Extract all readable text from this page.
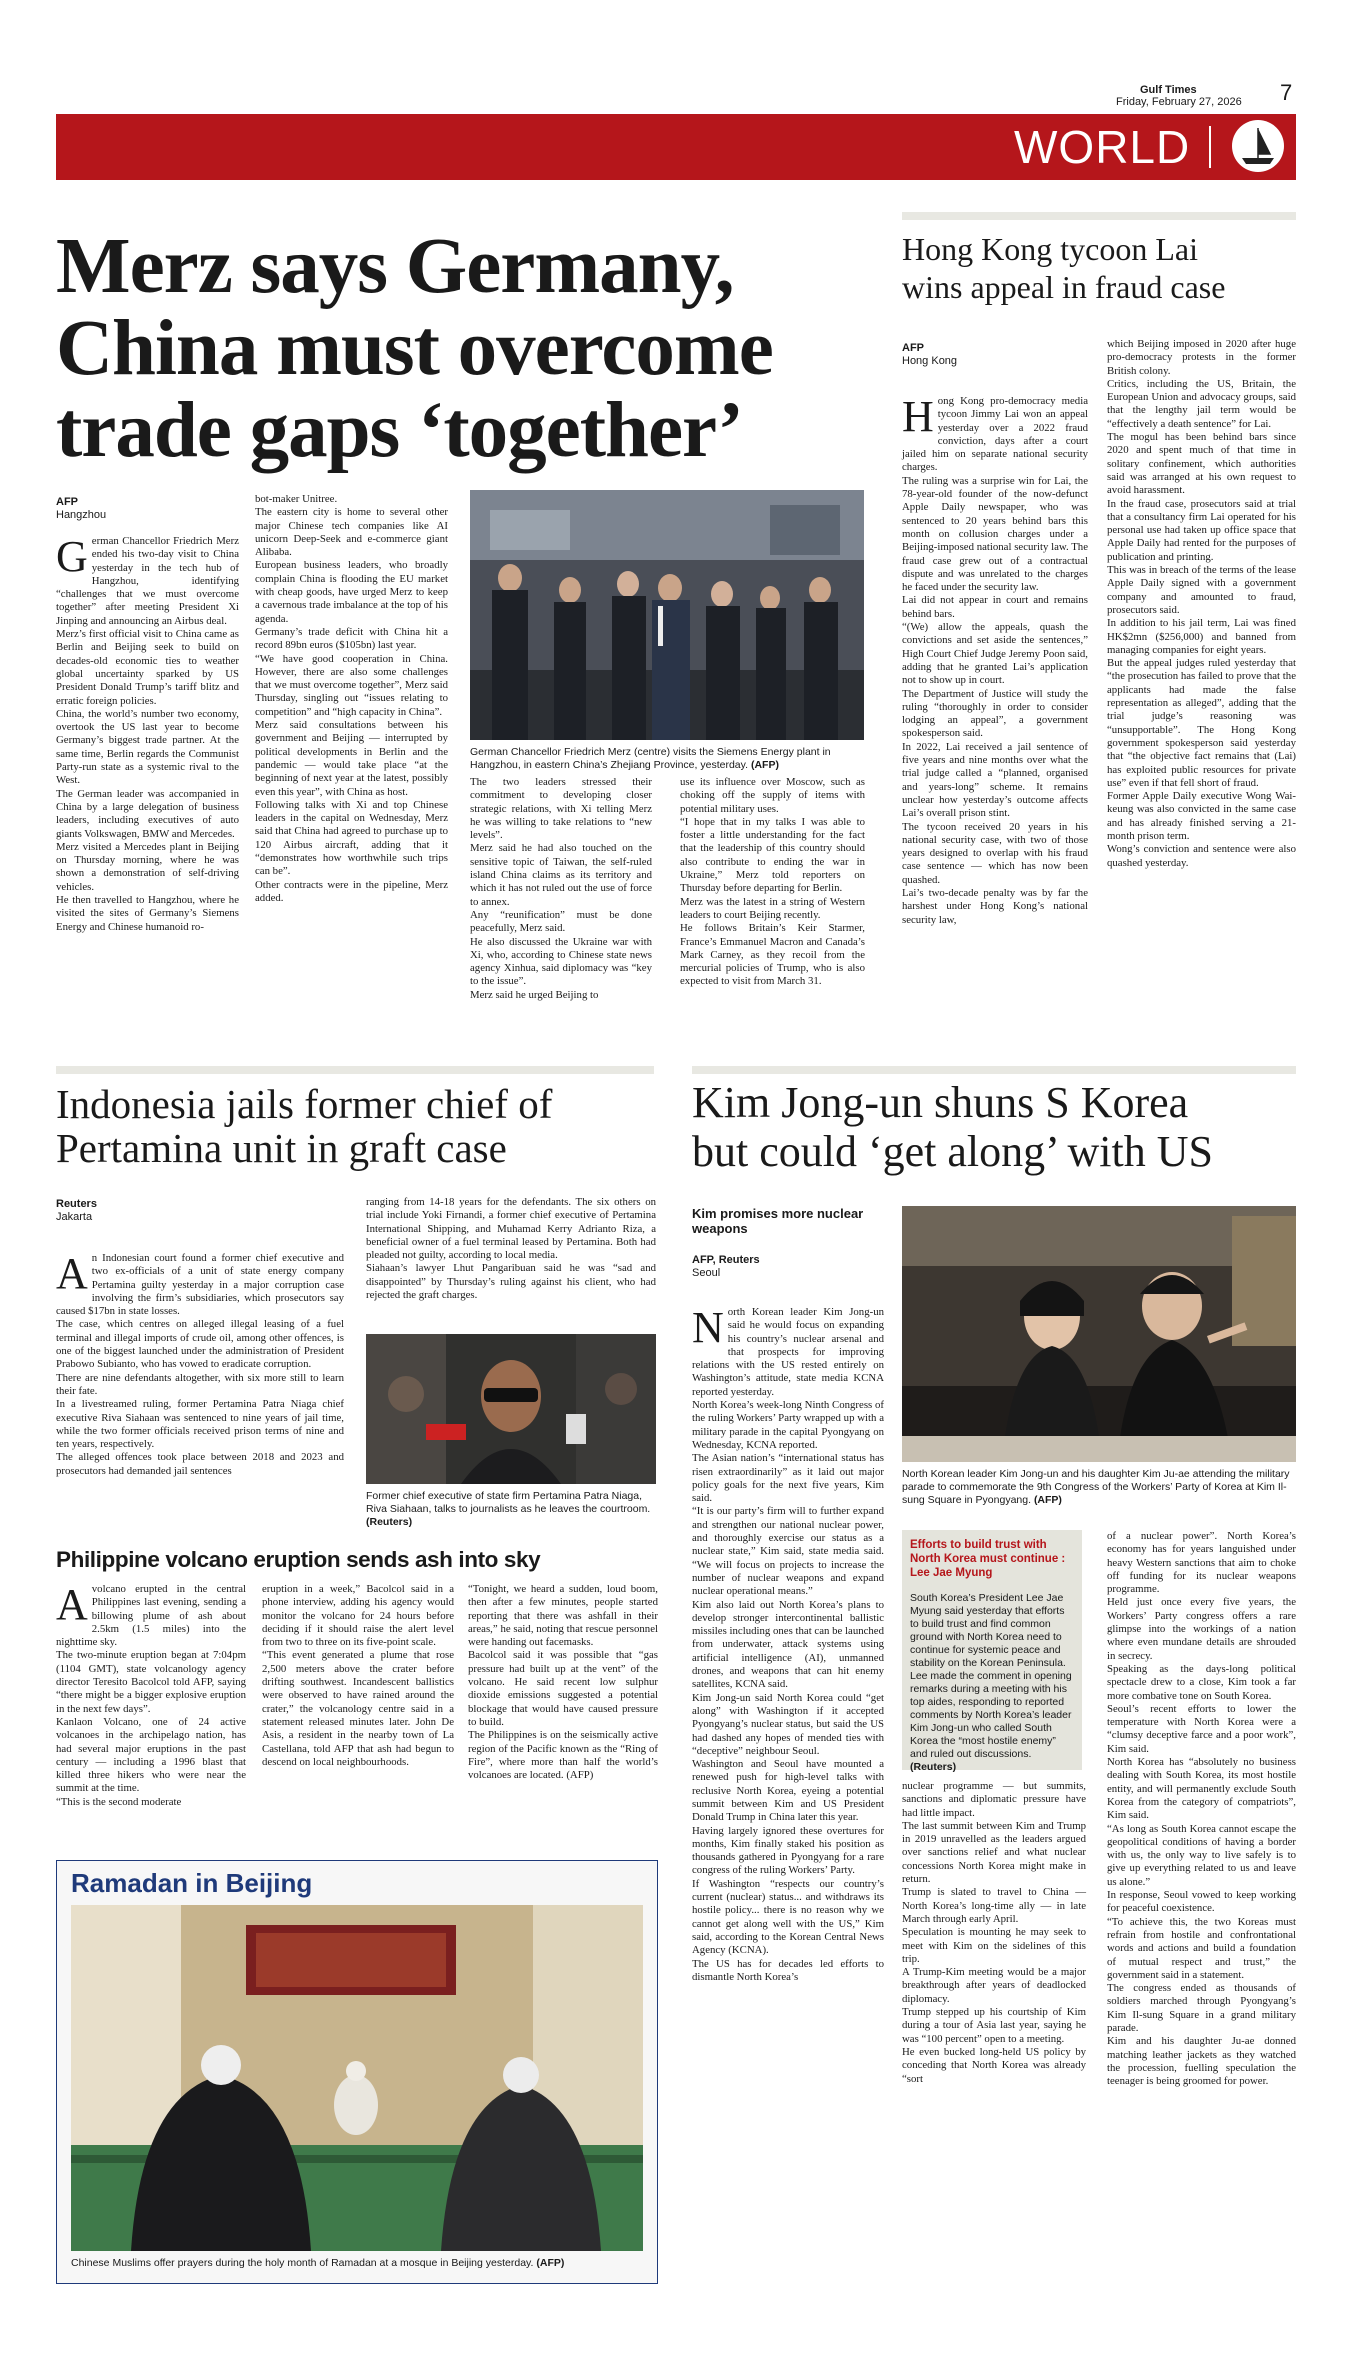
Gulf Times
Friday, February 27, 2026 7
WORLD
Merz says Germany,
China must overcome
trade gaps ‘together’
AFP
Hangzhou
G erman Chancellor Friedrich Merz ended his two-day visit to China yesterday in the tech hub of Hangzhou, identifying “challenges that we must overcome together” after meeting President Xi Jinping and announcing an Airbus deal.

Merz’s first official visit to China came as Berlin and Beijing seek to build on decades-old economic ties to weather global uncertainty sparked by US President Donald Trump’s tariff blitz and erratic foreign policies.

China, the world’s number two economy, overtook the US last year to become Germany’s biggest trade partner. At the same time, Berlin regards the Communist Party-run state as a systemic rival to the West.

The German leader was accompanied in China by a large delegation of business leaders, including executives of auto giants Volkswagen, BMW and Mercedes.

Merz visited a Mercedes plant in Beijing on Thursday morning, where he was shown a demonstration of self-driving vehicles.

He then travelled to Hangzhou, where he visited the sites of Germany’s Siemens Energy and Chinese humanoid ro-

bot-maker Unitree.

The eastern city is home to several other major Chinese tech companies like AI unicorn Deep-Seek and e-commerce giant Alibaba.

European business leaders, who broadly complain China is flooding the EU market with cheap goods, have urged Merz to keep a cavernous trade imbalance at the top of his agenda.

Germany’s trade deficit with China hit a record 89bn euros ($105bn) last year.

“We have good cooperation in China. However, there are also some challenges that we must overcome together”, Merz said Thursday, singling out “issues relating to competition” and “high capacity in China”.

Merz said consultations between his government and Beijing — interrupted by political developments in Berlin and the pandemic — would take place “at the beginning of next year at the latest, possibly even this year”, with China as host.

Following talks with Xi and top Chinese leaders in the capital on Wednesday, Merz said that China had agreed to purchase up to 120 Airbus aircraft, adding that it “demonstrates how worthwhile such trips can be”.

Other contracts were in the pipeline, Merz added.

German Chancellor Friedrich Merz (centre) visits the Siemens Energy plant in Hangzhou, in eastern China’s Zhejiang Province, yesterday. (AFP)

The two leaders stressed their commitment to developing closer strategic relations, with Xi telling Merz he was willing to take relations to “new levels”.

Merz said he had also touched on the sensitive topic of Taiwan, the self-ruled island China claims as its territory and which it has not ruled out the use of force to annex.

Any “reunification” must be done peacefully, Merz said.

He also discussed the Ukraine war with Xi, who, according to Chinese state news agency Xinhua, said diplomacy was “key to the issue”.

Merz said he urged Beijing to

use its influence over Moscow, such as choking off the supply of items with potential military uses.

“I hope that in my talks I was able to foster a little understanding for the fact that the leadership of this country should also contribute to ending the war in Ukraine,” Merz told reporters on Thursday before departing for Berlin.

Merz was the latest in a string of Western leaders to court Beijing recently.

He follows Britain’s Keir Starmer, France’s Emmanuel Macron and Canada’s Mark Carney, as they recoil from the mercurial policies of Trump, who is also expected to visit from March 31.

Hong Kong tycoon Lai
wins appeal in fraud case
AFP
Hong Kong
H ong Kong pro-democracy media tycoon Jimmy Lai won an appeal yesterday over a 2022 fraud conviction, days after a court jailed him on separate national security charges.

The ruling was a surprise win for Lai, the 78-year-old founder of the now-defunct Apple Daily newspaper, who was sentenced to 20 years behind bars this month on collusion charges under a Beijing-imposed national security law. The fraud case grew out of a contractual dispute and was unrelated to the charges he faced under the security law.

Lai did not appear in court and remains behind bars.

“(We) allow the appeals, quash the convictions and set aside the sentences,” High Court Chief Judge Jeremy Poon said, adding that he granted Lai’s application not to show up in court.

The Department of Justice will study the ruling “thoroughly in order to consider lodging an appeal”, a government spokesperson said.

In 2022, Lai received a jail sentence of five years and nine months over what the trial judge called a “planned, organised and years-long” scheme. It remains unclear how yesterday’s outcome affects Lai’s overall prison stint.

The tycoon received 20 years in his national security case, with two of those years designed to overlap with his fraud case sentence — which has now been quashed.

Lai’s two-decade penalty was by far the harshest under Hong Kong’s national security law,

which Beijing imposed in 2020 after huge pro-democracy protests in the former British colony.

Critics, including the US, Britain, the European Union and advocacy groups, said that the lengthy jail term would be “effectively a death sentence” for Lai.

The mogul has been behind bars since 2020 and spent much of that time in solitary confinement, which authorities said was arranged at his own request to avoid harassment.

In the fraud case, prosecutors said at trial that a consultancy firm Lai operated for his personal use had taken up office space that Apple Daily had rented for the purposes of publication and printing.

This was in breach of the terms of the lease Apple Daily signed with a government company and amounted to fraud, prosecutors said.

In addition to his jail term, Lai was fined HK$2mn ($256,000) and banned from managing companies for eight years.

But the appeal judges ruled yesterday that “the prosecution has failed to prove that the applicants had made the false representation as alleged”, adding that the trial judge’s reasoning was “unsupportable”. The Hong Kong government spokesperson said yesterday that “the objective fact remains that (Lai) has exploited public resources for private use” even if that fell short of fraud.

Former Apple Daily executive Wong Wai-keung was also convicted in the same case and has already finished serving a 21-month prison term.

Wong’s conviction and sentence were also quashed yesterday.

Indonesia jails former chief of
Pertamina unit in graft case
Reuters
Jakarta
A n Indonesian court found a former chief executive and two ex-officials of a unit of state energy company Pertamina guilty yesterday in a major corruption case involving the firm’s subsidiaries, which prosecutors say caused $17bn in state losses.

The case, which centres on alleged illegal leasing of a fuel terminal and illegal imports of crude oil, among other offences, is one of the biggest launched under the administration of President Prabowo Subianto, who has vowed to eradicate corruption.

There are nine defendants altogether, with six more still to learn their fate.

In a livestreamed ruling, former Pertamina Patra Niaga chief executive Riva Siahaan was sentenced to nine years of jail time, while the two former officials received prison terms of nine and ten years, respectively.

The alleged offences took place between 2018 and 2023 and prosecutors had demanded jail sentences

ranging from 14-18 years for the defendants. The six others on trial include Yoki Firnandi, a former chief executive of Pertamina International Shipping, and Muhamad Kerry Adrianto Riza, a beneficial owner of a fuel terminal leased by Pertamina. Both had pleaded not guilty, according to local media.

Siahaan’s lawyer Lhut Pangaribuan said he was “sad and disappointed” by Thursday’s ruling against his client, who had rejected the graft charges.

Former chief executive of state firm Pertamina Patra Niaga, Riva Siahaan, talks to journalists as he leaves the courtroom. (Reuters)
Philippine volcano eruption sends ash into sky
A volcano erupted in the central Philippines last evening, sending a billowing plume of ash about 2.5km (1.5 miles) into the nighttime sky.

The two-minute eruption began at 7:04pm (1104 GMT), state volcanology agency director Teresito Bacolcol told AFP, saying “there might be a bigger explosive eruption in the next few days”.

Kanlaon Volcano, one of 24 active volcanoes in the archipelago nation, has had several major eruptions in the past century — including a 1996 blast that killed three hikers who were near the summit at the time.

“This is the second moderate

eruption in a week,” Bacolcol said in a phone interview, adding his agency would monitor the volcano for 24 hours before deciding if it should raise the alert level from two to three on its five-point scale.

“This event generated a plume that rose 2,500 meters above the crater before drifting southwest. Incandescent ballistics were observed to have rained around the crater,” the volcanology centre said in a statement released minutes later. John De Asis, a resident in the nearby town of La Castellana, told AFP that ash had begun to descend on local neighbourhoods.

“Tonight, we heard a sudden, loud boom, then after a few minutes, people started reporting that there was ashfall in their areas,” he said, noting that rescue personnel were handing out facemasks.

Bacolcol said it was possible that “gas pressure had built up at the vent” of the volcano. He said recent low sulphur dioxide emissions suggested a potential blockage that would have caused pressure to build.

The Philippines is on the seismically active region of the Pacific known as the “Ring of Fire”, where more than half the world’s volcanoes are located. (AFP)

Ramadan in Beijing
Chinese Muslims offer prayers during the holy month of Ramadan at a mosque in Beijing yesterday. (AFP)
Kim Jong-un shuns S Korea
but could ‘get along’ with US
Kim promises more nuclear weapons
AFP, Reuters
Seoul
N orth Korean leader Kim Jong-un said he would focus on expanding his country’s nuclear arsenal and that prospects for improving relations with the US rested entirely on Washington’s attitude, state media KCNA reported yesterday.

North Korea’s week-long Ninth Congress of the ruling Workers’ Party wrapped up with a military parade in the capital Pyongyang on Wednesday, KCNA reported.

The Asian nation’s “international status has risen extraordinarily” as it laid out major policy goals for the next five years, Kim said.

“It is our party’s firm will to further expand and strengthen our national nuclear power, and thoroughly exercise our status as a nuclear state,” Kim said, state media said. “We will focus on projects to increase the number of nuclear weapons and expand nuclear operational means.”

Kim also laid out North Korea’s plans to develop stronger intercontinental ballistic missiles including ones that can be launched from underwater, attack systems using artificial intelligence (AI), unmanned drones, and weapons that can hit enemy satellites, KCNA said.

Kim Jong-un said North Korea could “get along” with Washington if it accepted Pyongyang’s nuclear status, but said the US had dashed any hopes of mended ties with “deceptive” neighbour Seoul.

Washington and Seoul have mounted a renewed push for high-level talks with reclusive North Korea, eyeing a potential summit between Kim and US President Donald Trump in China later this year.

Having largely ignored these overtures for months, Kim finally staked his position as thousands gathered in Pyongyang for a rare congress of the ruling Workers’ Party.

If Washington “respects our country’s current (nuclear) status... and withdraws its hostile policy... there is no reason why we cannot get along well with the US,” Kim said, according to the Korean Central News Agency (KCNA).

The US has for decades led efforts to dismantle North Korea’s

North Korean leader Kim Jong-un and his daughter Kim Ju-ae attending the military parade to commemorate the 9th Congress of the Workers’ Party of Korea at Kim Il-sung Square in Pyongyang. (AFP)
Efforts to build trust with North Korea must continue : Lee Jae Myung
South Korea’s President Lee Jae Myung said yesterday that efforts to build trust and find common ground with North Korea need to continue for systemic peace and stability on the Korean Peninsula.
Lee made the comment in opening remarks during a meeting with his top aides, responding to reported comments by North Korea’s leader Kim Jong-un who called South Korea the “most hostile enemy” and ruled out discussions. (Reuters)

nuclear programme — but summits, sanctions and diplomatic pressure have had little impact.

The last summit between Kim and Trump in 2019 unravelled as the leaders argued over sanctions relief and what nuclear concessions North Korea might make in return.

Trump is slated to travel to China — North Korea’s long-time ally — in late March through early April.

Speculation is mounting he may seek to meet with Kim on the sidelines of this trip.

A Trump-Kim meeting would be a major breakthrough after years of deadlocked diplomacy.

Trump stepped up his courtship of Kim during a tour of Asia last year, saying he was “100 percent” open to a meeting.

He even bucked long-held US policy by conceding that North Korea was already “sort

of a nuclear power”. North Korea’s economy has for years languished under heavy Western sanctions that aim to choke off funding for its nuclear weapons programme.

Held just once every five years, the Workers’ Party congress offers a rare glimpse into the workings of a nation where even mundane details are shrouded in secrecy.

Speaking as the days-long political spectacle drew to a close, Kim took a far more combative tone on South Korea.

Seoul’s recent efforts to lower the temperature with North Korea were a “clumsy deceptive farce and a poor work”, Kim said.

North Korea has “absolutely no business dealing with South Korea, its most hostile entity, and will permanently exclude South Korea from the category of compatriots”, Kim said.

“As long as South Korea cannot escape the geopolitical conditions of having a border with us, the only way to live safely is to give up everything related to us and leave us alone.”

In response, Seoul vowed to keep working for peaceful coexistence.

“To achieve this, the two Koreas must refrain from hostile and confrontational words and actions and build a foundation of mutual respect and trust,” the government said in a statement.

The congress ended as thousands of soldiers marched through Pyongyang’s Kim Il-sung Square in a grand military parade.

Kim and his daughter Ju-ae donned matching leather jackets as they watched the procession, fuelling speculation the teenager is being groomed for power.
